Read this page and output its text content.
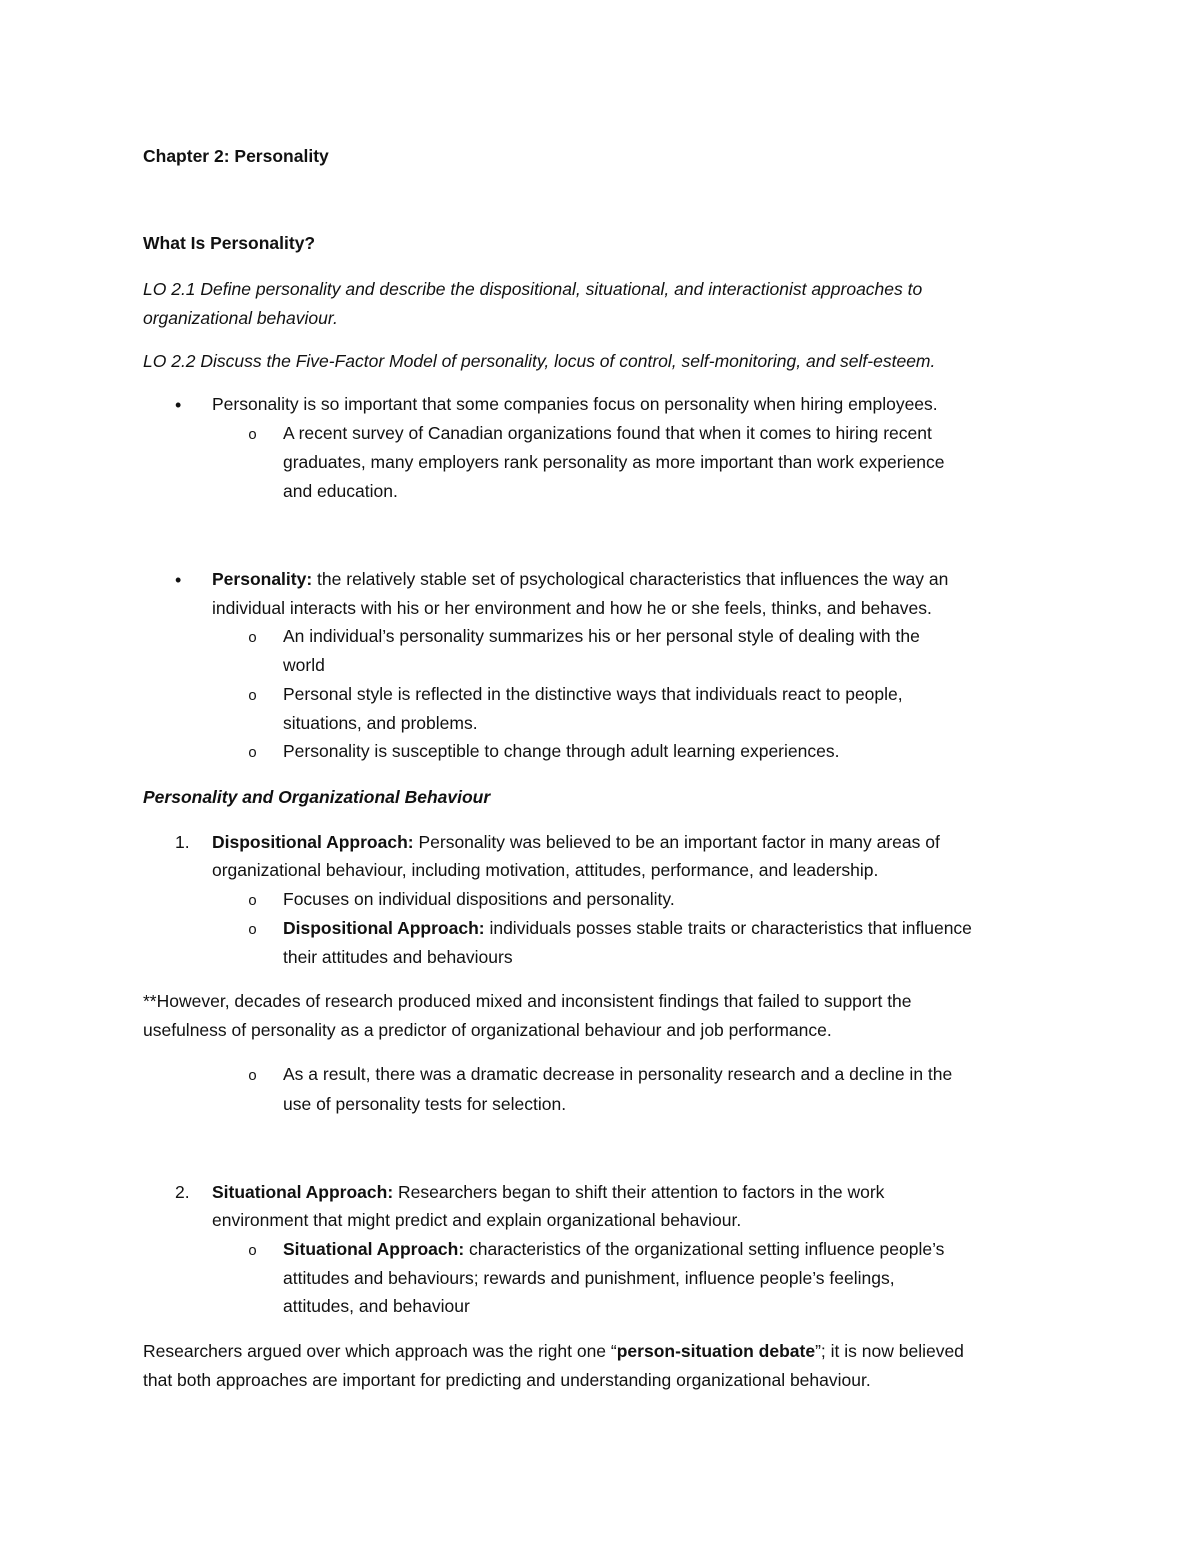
Chapter 2: Personality
What Is Personality?
LO 2.1 Define personality and describe the dispositional, situational, and interactionist approaches to
organizational behaviour.
LO 2.2 Discuss the Five-Factor Model of personality, locus of control, self-monitoring, and self-esteem.
• Personality is so important that some companies focus on personality when hiring employees.
o A recent survey of Canadian organizations found that when it comes to hiring recent
graduates, many employers rank personality as more important than work experience
and education.
• Personality: the relatively stable set of psychological characteristics that influences the way an
individual interacts with his or her environment and how he or she feels, thinks, and behaves.
o An individual’s personality summarizes his or her personal style of dealing with the
world
o Personal style is reflected in the distinctive ways that individuals react to people,
situations, and problems.
o Personality is susceptible to change through adult learning experiences.
Personality and Organizational Behaviour
1. Dispositional Approach: Personality was believed to be an important factor in many areas of
organizational behaviour, including motivation, attitudes, performance, and leadership.
o Focuses on individual dispositions and personality.
o Dispositional Approach: individuals posses stable traits or characteristics that influence
their attitudes and behaviours
**However, decades of research produced mixed and inconsistent findings that failed to support the
usefulness of personality as a predictor of organizational behaviour and job performance.
o As a result, there was a dramatic decrease in personality research and a decline in the
use of personality tests for selection.
2. Situational Approach: Researchers began to shift their attention to factors in the work
environment that might predict and explain organizational behaviour.
o Situational Approach: characteristics of the organizational setting influence people’s
attitudes and behaviours; rewards and punishment, influence people’s feelings,
attitudes, and behaviour
Researchers argued over which approach was the right one “person-situation debate”; it is now believed
that both approaches are important for predicting and understanding organizational behaviour.
